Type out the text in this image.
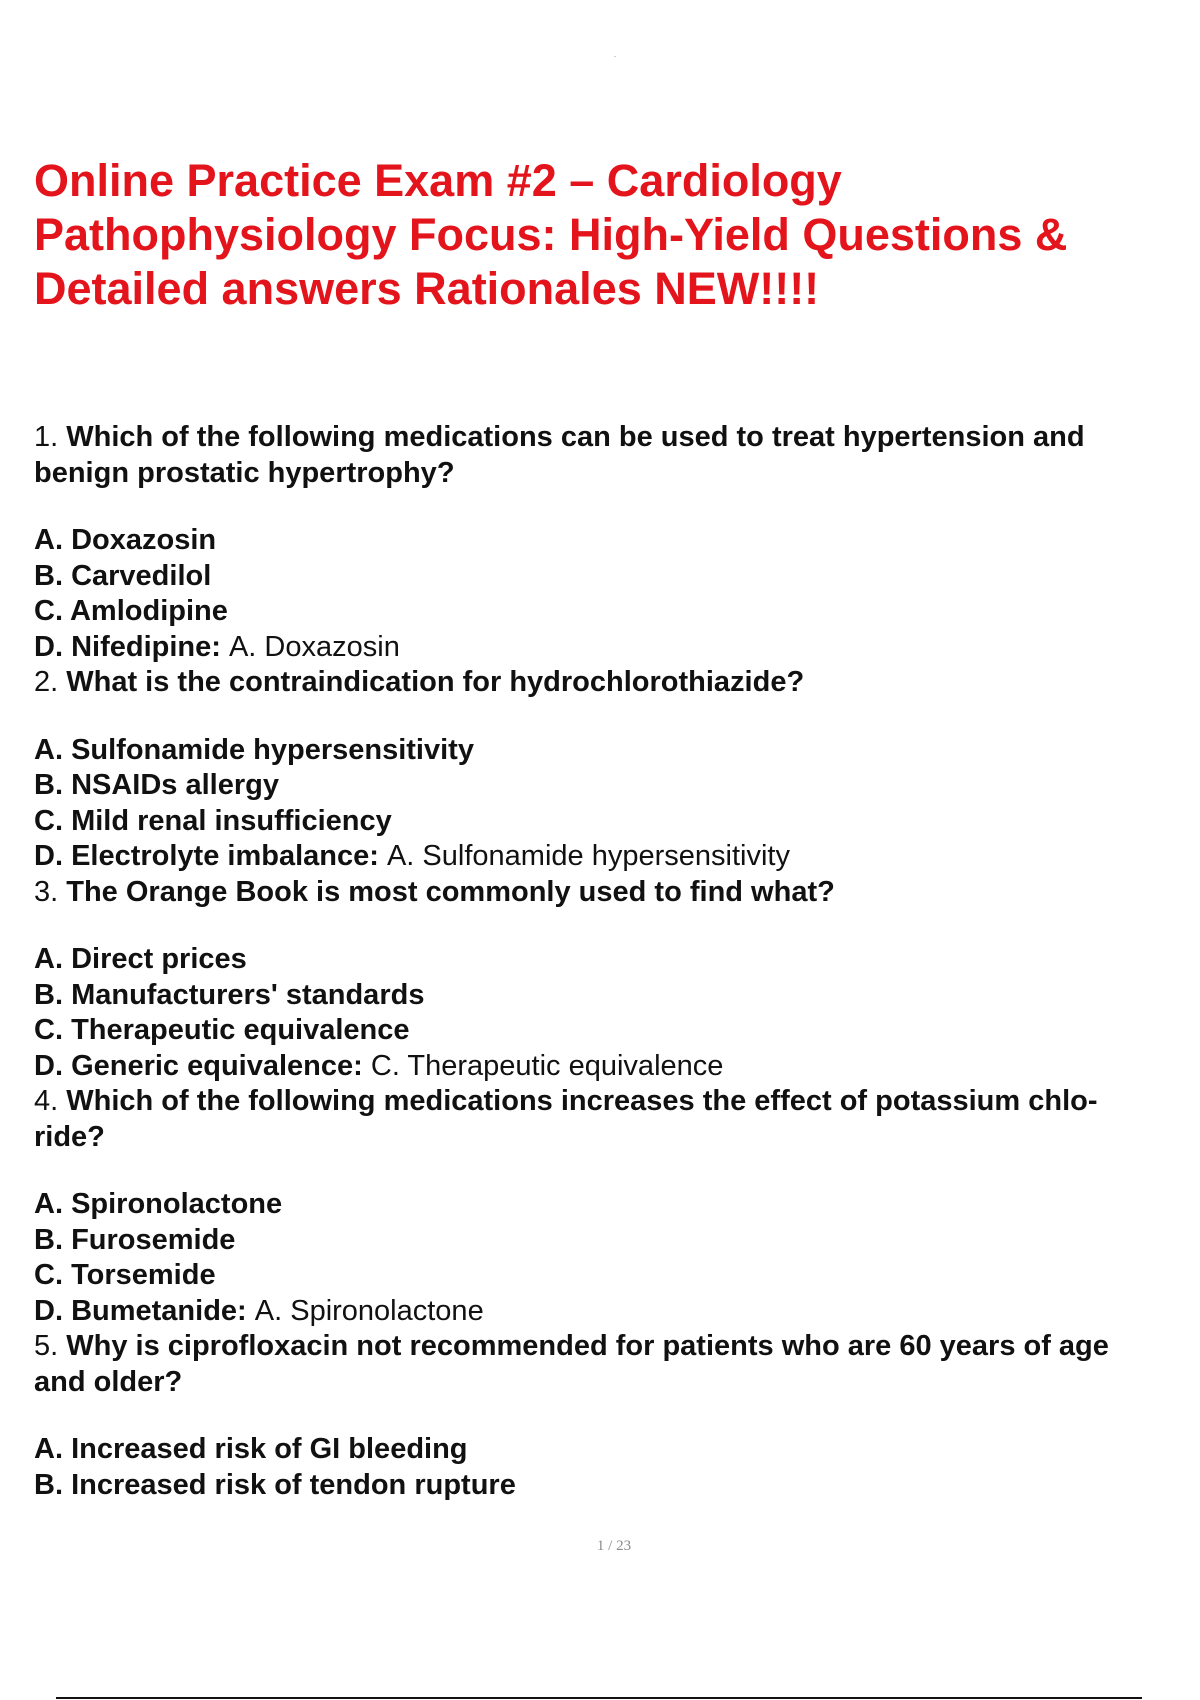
Online Practice Exam #2 – Cardiology
Pathophysiology Focus: High-Yield Questions &
Detailed answers Rationales NEW!!!!
1. Which of the following medications can be used to treat hypertension and
benign prostatic hypertrophy?
A. Doxazosin
B. Carvedilol
C. Amlodipine
D. Nifedipine: A. Doxazosin
2. What is the contraindication for hydrochlorothiazide?
A. Sulfonamide hypersensitivity
B. NSAIDs allergy
C. Mild renal insufficiency
D. Electrolyte imbalance: A. Sulfonamide hypersensitivity
3. The Orange Book is most commonly used to find what?
A. Direct prices
B. Manufacturers' standards
C. Therapeutic equivalence
D. Generic equivalence: C. Therapeutic equivalence
4. Which of the following medications increases the effect of potassium chlo-
ride?
A. Spironolactone
B. Furosemide
C. Torsemide
D. Bumetanide: A. Spironolactone
5. Why is ciprofloxacin not recommended for patients who are 60 years of age
and older?
A. Increased risk of GI bleeding
B. Increased risk of tendon rupture
1 / 23
